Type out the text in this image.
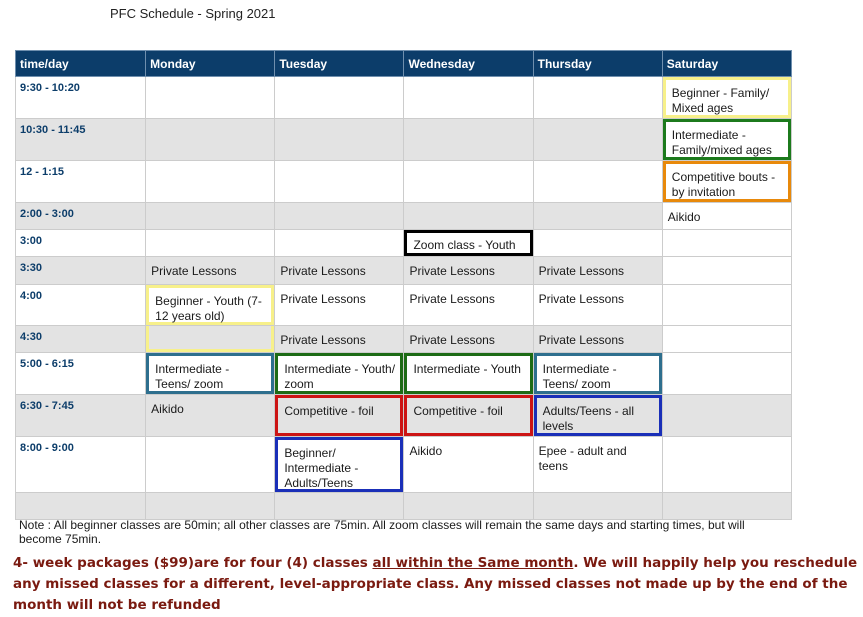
PFC Schedule - Spring 2021
time/day	Monday	Tuesday	Wednesday	Thursday	Saturday
9:30 - 10:20					Beginner - Family/ Mixed ages

10:30 - 11:45					Intermediate - Family/mixed ages

12 - 1:15					Competitive bouts - by invitation

2:00 - 3:00					Aikido
3:00			Zoom class - Youth		

3:30	Private Lessons	Private Lessons	Private Lessons	Private Lessons	
4:00	Beginner - Youth (7-12 years old)	Private Lessons	Private Lessons	Private Lessons	
4:30		Private Lessons	Private Lessons	Private Lessons	
5:00 - 6:15	Intermediate - Teens/ zoom	Intermediate - Youth/ zoom	Intermediate - Youth	Intermediate - Teens/ zoom	

6:30 - 7:45	Aikido	Competitive - foil	Competitive - foil	Adults/Teens - all levels	

8:00 - 9:00		Beginner/ Intermediate - Adults/Teens	Aikido	Epee - adult and teens	

Note : All beginner classes are 50min; all other classes are 75min. All zoom classes will remain the same days and starting times, but will become 75min.
4- week packages ($99)are for four (4) classes all within the Same month. We will happily help you reschedule any missed classes for a different, level-appropriate class. Any missed classes not made up by the end of the month will not be refunded
